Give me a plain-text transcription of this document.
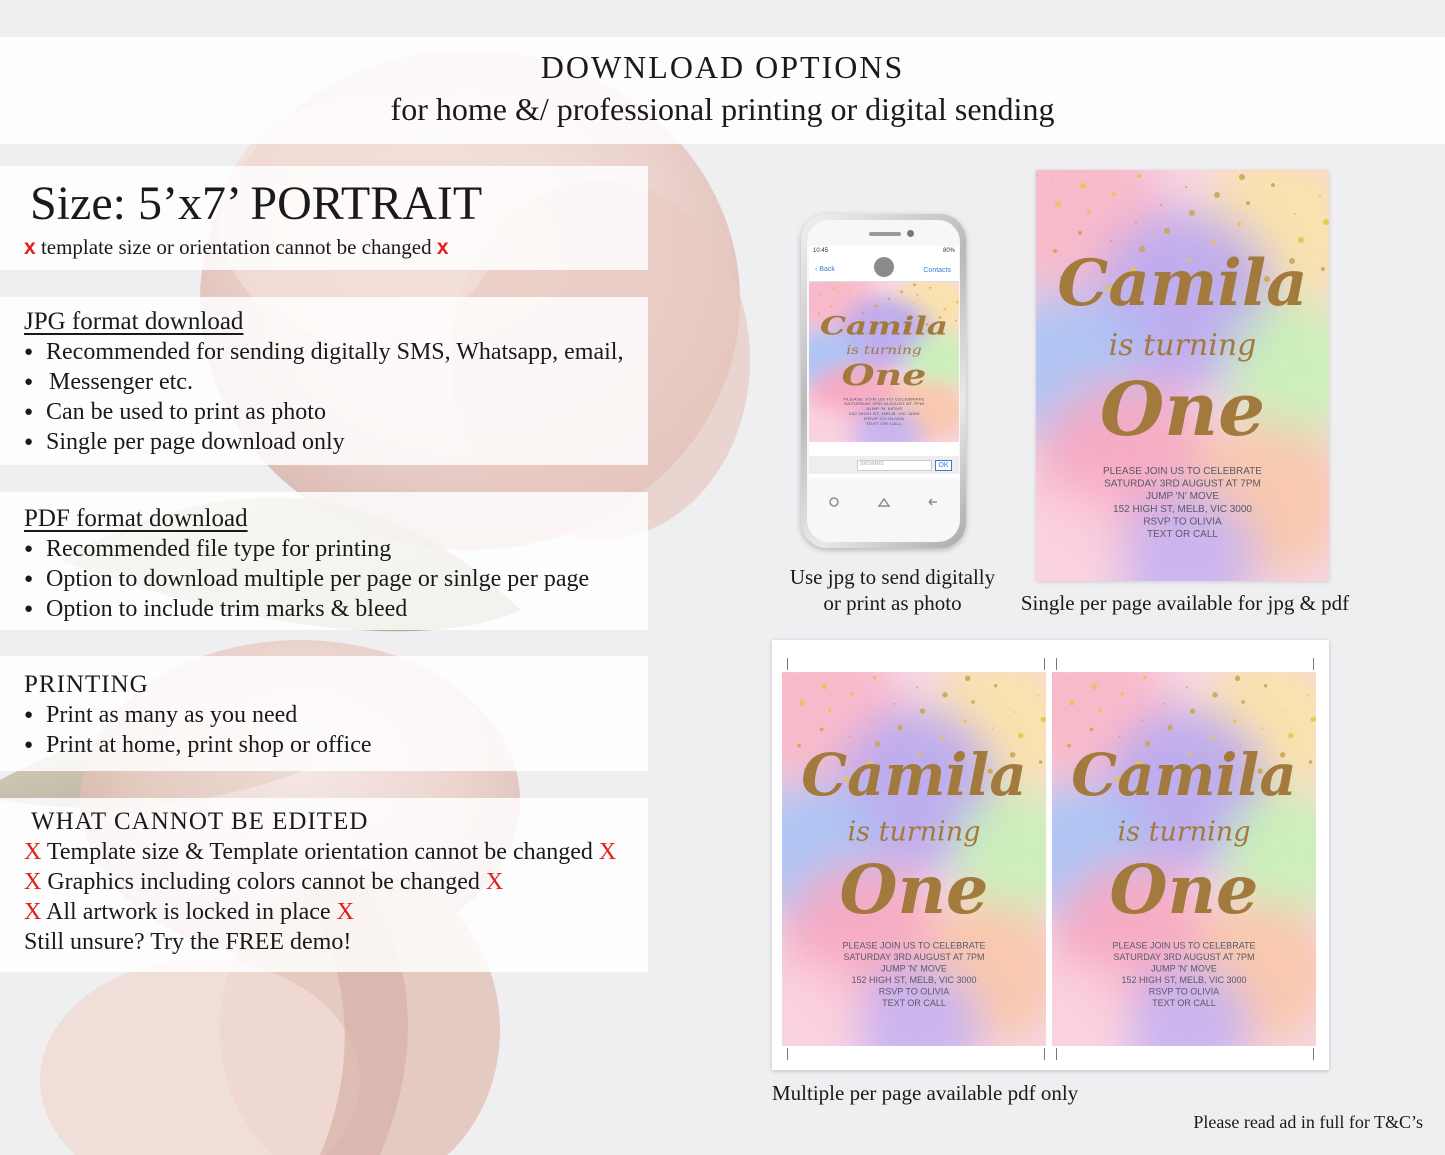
DOWNLOAD OPTIONS
for home &/ professional printing or digital sending
Size: 5’x7’ PORTRAIT
x template size or orientation cannot be changed x
JPG format download
● Recommended for sending digitally SMS, Whatsapp, email,
● Messenger etc.
● Can be used to print as photo
● Single per page download only
PDF format download
● Recommended file type for printing
● Option to download multiple per page or sinlge per page
● Option to include trim marks & bleed
PRINTING
● Print as many as you need
● Print at home, print shop or office
WHAT CANNOT BE EDITED
X Template size & Template orientation cannot be changed X
X Graphics including colors cannot be changed X
X All artwork is locked in place X
Still unsure? Try the FREE demo!
10:45	80%
‹ Back	Contacts
Camila
is turning
One
PLEASE JOIN US TO CELEBRATE
SATURDAY 3RD AUGUST AT 7PM
JUMP 'N' MOVE
152 HIGH ST, MELB, VIC 3000
RSVP TO OLIVIA
TEXT OR CALL
SMS/MMS	OK
Camila
is turning
One
PLEASE JOIN US TO CELEBRATE
SATURDAY 3RD AUGUST AT 7PM
JUMP 'N' MOVE
152 HIGH ST, MELB, VIC 3000
RSVP TO OLIVIA
TEXT OR CALL
Use jpg to send digitally
or print as photo	Single per page available for jpg & pdf
Camila
is turning
One
PLEASE JOIN US TO CELEBRATE
SATURDAY 3RD AUGUST AT 7PM
JUMP 'N' MOVE
152 HIGH ST, MELB, VIC 3000
RSVP TO OLIVIA
TEXT OR CALL
Camila
is turning
One
PLEASE JOIN US TO CELEBRATE
SATURDAY 3RD AUGUST AT 7PM
JUMP 'N' MOVE
152 HIGH ST, MELB, VIC 3000
RSVP TO OLIVIA
TEXT OR CALL
Multiple per page available pdf only
Please read ad in full for T&C’s
